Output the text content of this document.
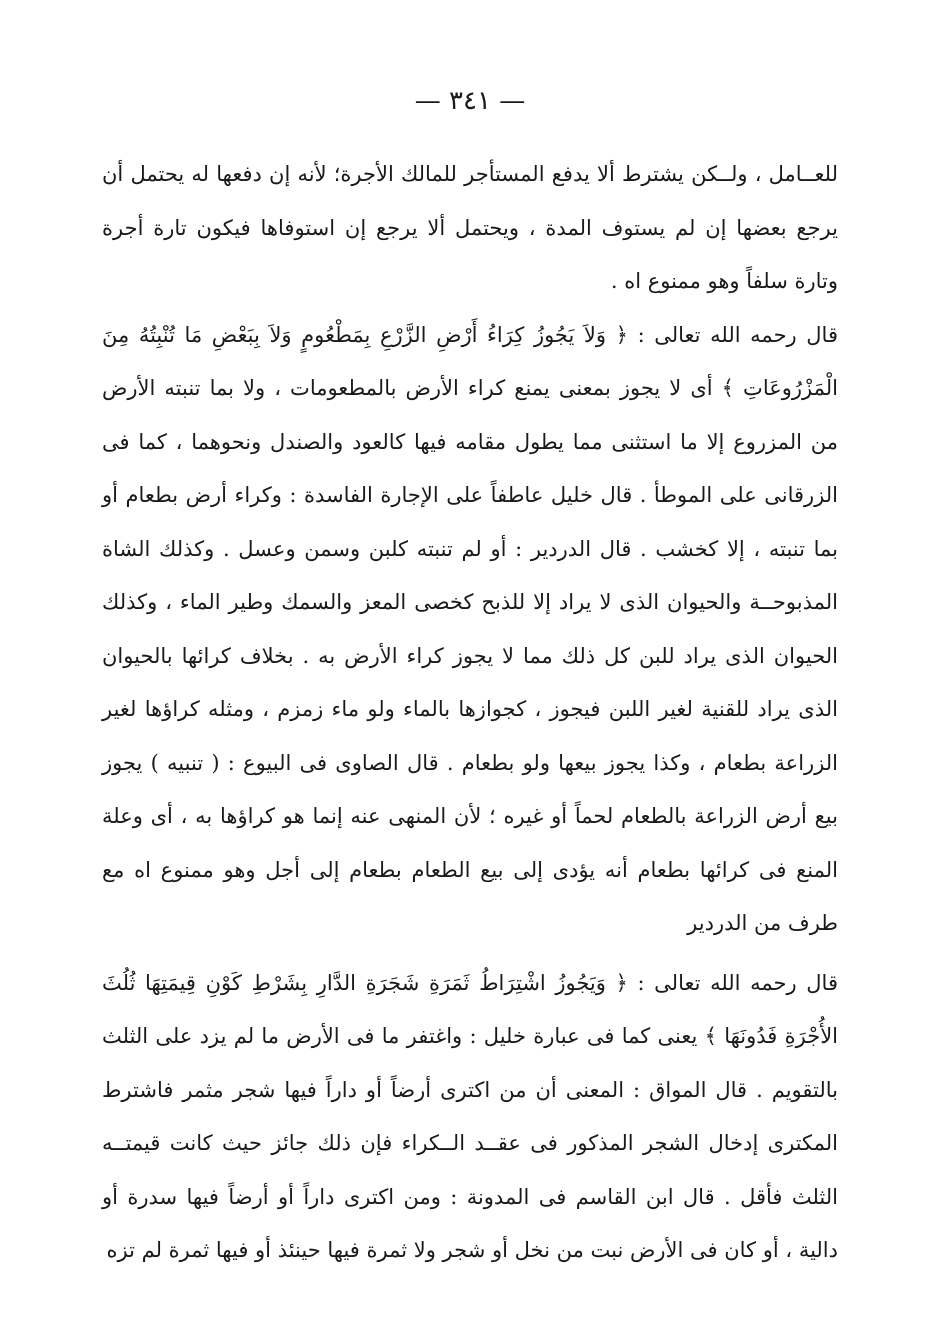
— ٣٤١ —

للعــامل ، ولــكن يشترط ألا يدفع المستأجر للمالك الأجرة؛ لأنه إن دفعها له يحتمل أن يرجع بعضها إن لم يستوف المدة ، ويحتمل ألا يرجع إن استوفاها فيكون تارة أجرة وتارة سلفاً وهو ممنوع اه .

قال رحمه الله تعالى : ﴿ وَلاَ يَجُوزُ كِرَاءُ أَرْضِ الزَّرْعِ بِمَطْعُومٍ وَلاَ بِبَعْضِ مَا تُنْبِتُهُ مِنَ الْمَزْرُوعَاتِ ﴾ أى لا يجوز بمعنى يمنع كراء الأرض بالمطعومات ، ولا بما تنبته الأرض من المزروع إلا ما استثنى مما يطول مقامه فيها كالعود والصندل ونحوهما ، كما فى الزرقانى على الموطأ . قال خليل عاطفاً على الإجارة الفاسدة : وكراء أرض بطعام أو بما تنبته ، إلا كخشب . قال الدردير : أو لم تنبته كلبن وسمن وعسل . وكذلك الشاة المذبوحــة والحيوان الذى لا يراد إلا للذبح كخصى المعز والسمك وطير الماء ، وكذلك الحيوان الذى يراد للبن كل ذلك مما لا يجوز كراء الأرض به . بخلاف كرائها بالحيوان الذى يراد للقنية لغير اللبن فيجوز ، كجوازها بالماء ولو ماء زمزم ، ومثله كراؤها لغير الزراعة بطعام ، وكذا يجوز بيعها ولو بطعام . قال الصاوى فى البيوع : ( تنبيه ) يجوز بيع أرض الزراعة بالطعام لحماً أو غيره ؛ لأن المنهى عنه إنما هو كراؤها به ، أى وعلة المنع فى كرائها بطعام أنه يؤدى إلى بيع الطعام بطعام إلى أجل وهو ممنوع اه مع طرف من الدردير

قال رحمه الله تعالى : ﴿ وَيَجُوزُ اشْتِرَاطُ ثَمَرَةِ شَجَرَةِ الدَّارِ بِشَرْطِ كَوْنِ قِيمَتِهَا ثُلُثَ الأُجْرَةِ فَدُونَهَا ﴾ يعنى كما فى عبارة خليل : واغتفر ما فى الأرض ما لم يزد على الثلث بالتقويم . قال المواق : المعنى أن من اكترى أرضاً أو داراً فيها شجر مثمر فاشترط المكترى إدخال الشجر المذكور فى عقــد الــكراء فإن ذلك جائز حيث كانت قيمتــه الثلث فأقل . قال ابن القاسم فى المدونة : ومن اكترى داراً أو أرضاً فيها سدرة أو دالية ، أو كان فى الأرض نبت من نخل أو شجر ولا ثمرة فيها حينئذ أو فيها ثمرة لم تزه
